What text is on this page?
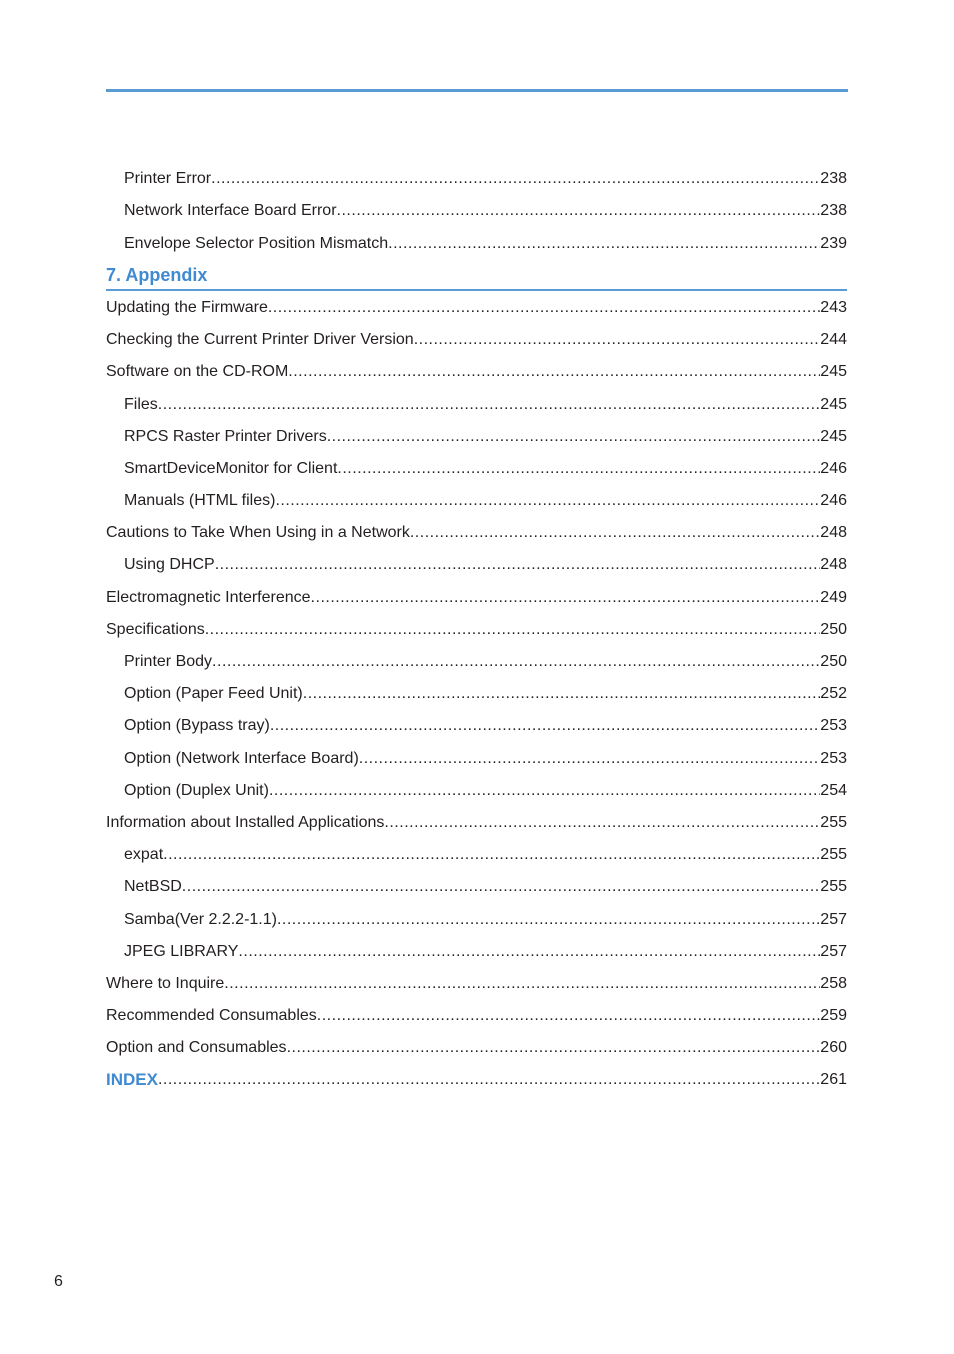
Printer Error .....	238
Network Interface Board Error .....	238
Envelope Selector Position Mismatch .....	239
7. Appendix
Updating the Firmware .....	243
Checking the Current Printer Driver Version .....	244
Software on the CD-ROM .....	245
Files .....	245
RPCS Raster Printer Drivers .....	245
SmartDeviceMonitor for Client .....	246
Manuals (HTML files) .....	246
Cautions to Take When Using in a Network .....	248
Using DHCP .....	248
Electromagnetic Interference .....	249
Specifications .....	250
Printer Body .....	250
Option (Paper Feed Unit) .....	252
Option (Bypass tray) .....	253
Option (Network Interface Board) .....	253
Option (Duplex Unit) .....	254
Information about Installed Applications .....	255
expat .....	255
NetBSD .....	255
Samba(Ver 2.2.2-1.1) .....	257
JPEG LIBRARY .....	257
Where to Inquire .....	258
Recommended Consumables .....	259
Option and Consumables .....	260
INDEX .....	261
6
